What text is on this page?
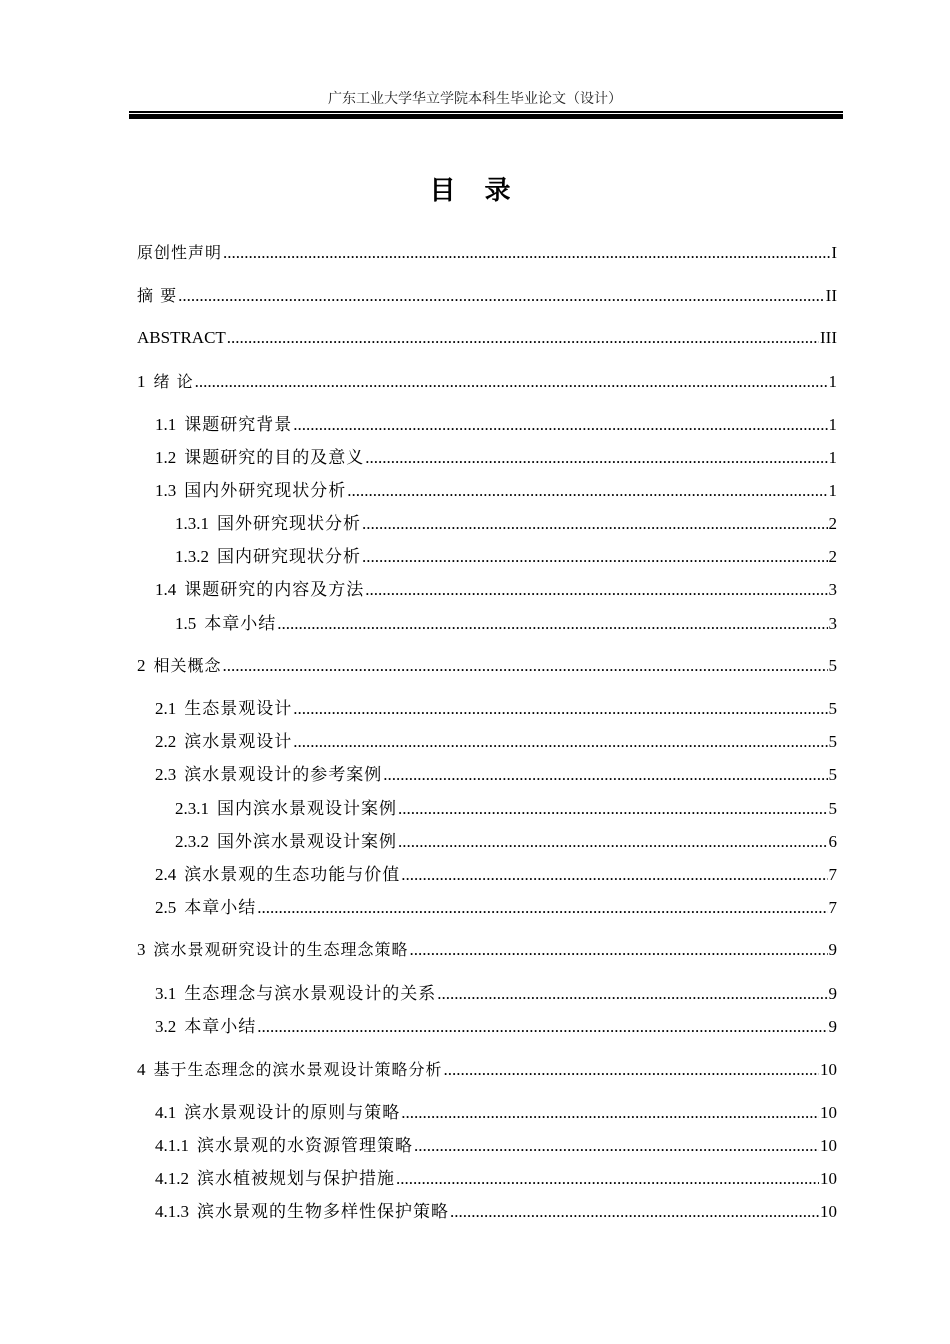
广东工业大学华立学院本科生毕业论文（设计）
目 录
原创性声明 .....	I
摘 要 .....	II
ABSTRACT .....	III
1 绪 论 .....	1
1.1 课题研究背景 .....	1
1.2 课题研究的目的及意义 .....	1
1.3 国内外研究现状分析 .....	1
1.3.1 国外研究现状分析 .....	2
1.3.2 国内研究现状分析 .....	2
1.4 课题研究的内容及方法 .....	3
1.5 本章小结 .....	3
2 相关概念 .....	5
2.1 生态景观设计 .....	5
2.2 滨水景观设计 .....	5
2.3 滨水景观设计的参考案例 .....	5
2.3.1 国内滨水景观设计案例 .....	5
2.3.2 国外滨水景观设计案例 .....	6
2.4 滨水景观的生态功能与价值 .....	7
2.5 本章小结 .....	7
3 滨水景观研究设计的生态理念策略 .....	9
3.1 生态理念与滨水景观设计的关系 .....	9
3.2 本章小结 .....	9
4 基于生态理念的滨水景观设计策略分析 .....	10
4.1 滨水景观设计的原则与策略 .....	10
4.1.1 滨水景观的水资源管理策略 .....	10
4.1.2 滨水植被规划与保护措施 .....	10
4.1.3 滨水景观的生物多样性保护策略 .....	10
